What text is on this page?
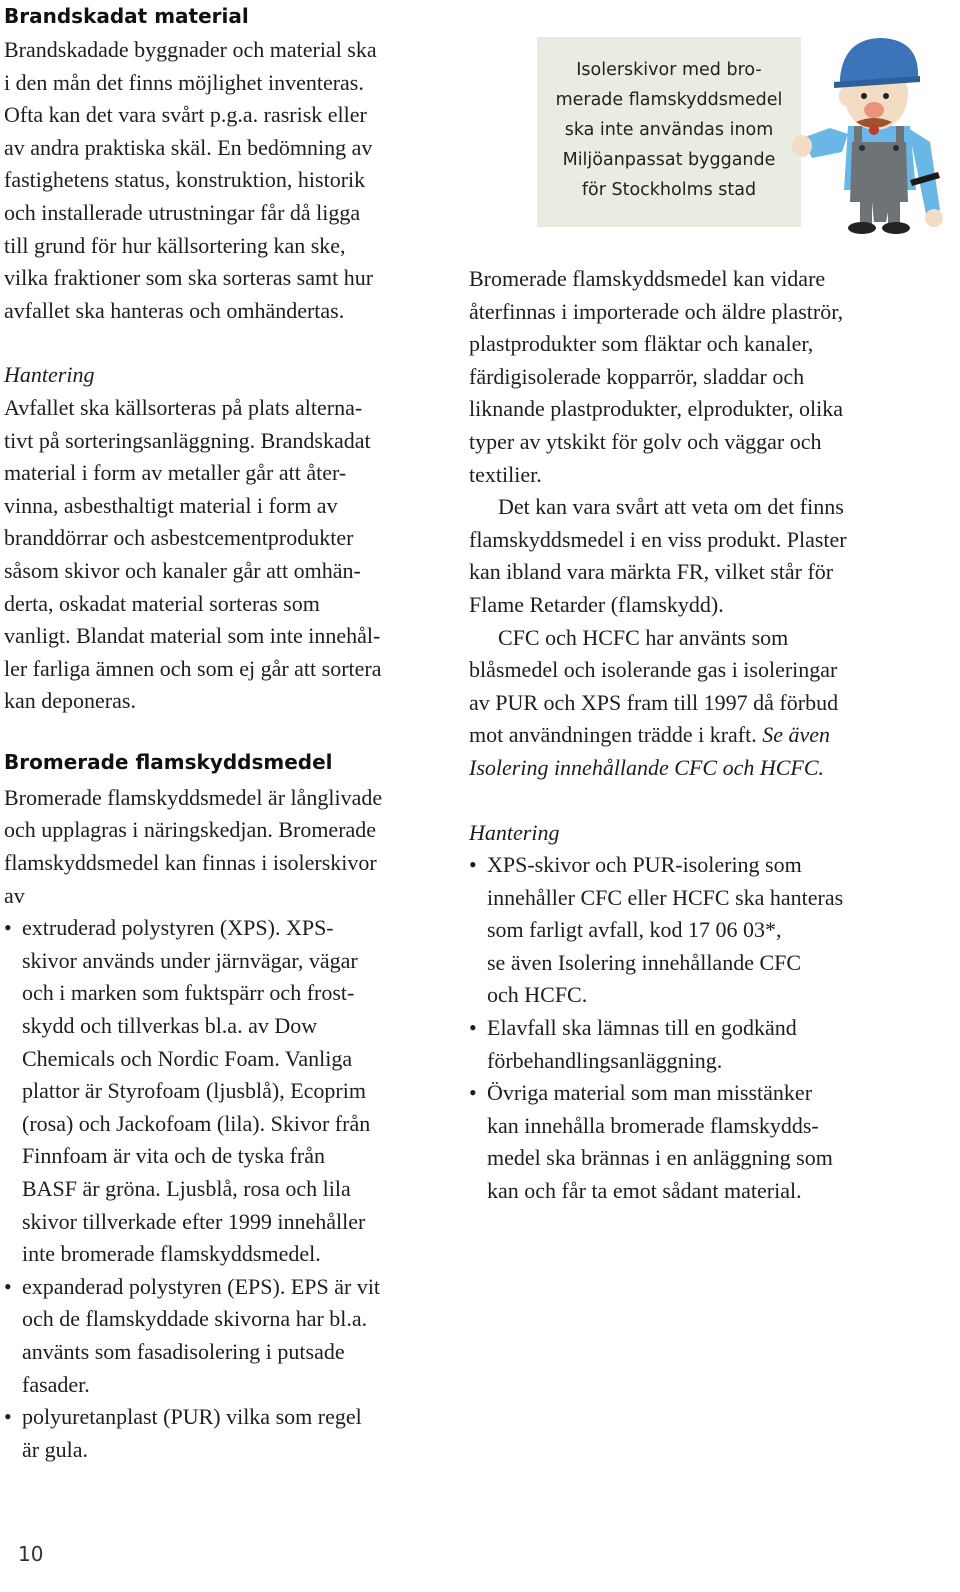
Brandskadat material

Brandskadade byggnader och material ska
i den mån det finns möjlighet inventeras.
Ofta kan det vara svårt p.g.a. rasrisk eller
av andra praktiska skäl. En bedömning av
fastighetens status, konstruktion, historik
och installerade utrustningar får då ligga
till grund för hur källsortering kan ske,
vilka fraktioner som ska sorteras samt hur
avfallet ska hanteras och omhändertas.

Hantering

Avfallet ska källsorteras på plats alterna-
tivt på sorteringsanläggning. Brandskadat
material i form av metaller går att åter-
vinna, asbesthaltigt material i form av
branddörrar och asbestcementprodukter
såsom skivor och kanaler går att omhän-
derta, oskadat material sorteras som
vanligt. Blandat material som inte innehål-
ler farliga ämnen och som ej går att sortera
kan deponeras.

Bromerade flamskyddsmedel

Bromerade flamskyddsmedel är långlivade
och upplagras i näringskedjan. Bromerade
flamskyddsmedel kan finnas i isolerskivor
av

• extruderad polystyren (XPS). XPS-
skivor används under järnvägar, vägar
och i marken som fuktspärr och frost-
skydd och tillverkas bl.a. av Dow
Chemicals och Nordic Foam. Vanliga
plattor är Styrofoam (ljusblå), Ecoprim
(rosa) och Jackofoam (lila). Skivor från
Finnfoam är vita och de tyska från
BASF är gröna. Ljusblå, rosa och lila
skivor tillverkade efter 1999 innehåller
inte bromerade flamskyddsmedel.
• expanderad polystyren (EPS). EPS är vit
och de flamskyddade skivorna har bl.a.
använts som fasadisolering i putsade
fasader.
• polyuretanplast (PUR) vilka som regel
är gula.
Isolerskivor med bro-
merade flamskyddsmedel
ska inte användas inom
Miljöanpassat byggande
för Stockholms stad

Bromerade flamskyddsmedel kan vidare
återfinnas i importerade och äldre plaströr,
plastprodukter som fläktar och kanaler,
färdigisolerade kopparrör, sladdar och
liknande plastprodukter, elprodukter, olika
typer av ytskikt för golv och väggar och
textilier.

Det kan vara svårt att veta om det finns
flamskyddsmedel i en viss produkt. Plaster
kan ibland vara märkta FR, vilket står för
Flame Retarder (flamskydd).

CFC och HCFC har använts som
blåsmedel och isolerande gas i isoleringar
av PUR och XPS fram till 1997 då förbud
mot användningen trädde i kraft. Se även
Isolering innehållande CFC och HCFC.

Hantering
• XPS-skivor och PUR-isolering som
innehåller CFC eller HCFC ska hanteras
som farligt avfall, kod 17 06 03*,
se även Isolering innehållande CFC
och HCFC.
• Elavfall ska lämnas till en godkänd
förbehandlingsanläggning.
• Övriga material som man misstänker
kan innehålla bromerade flamskydds-
medel ska brännas i en anläggning som
kan och får ta emot sådant material.
10
